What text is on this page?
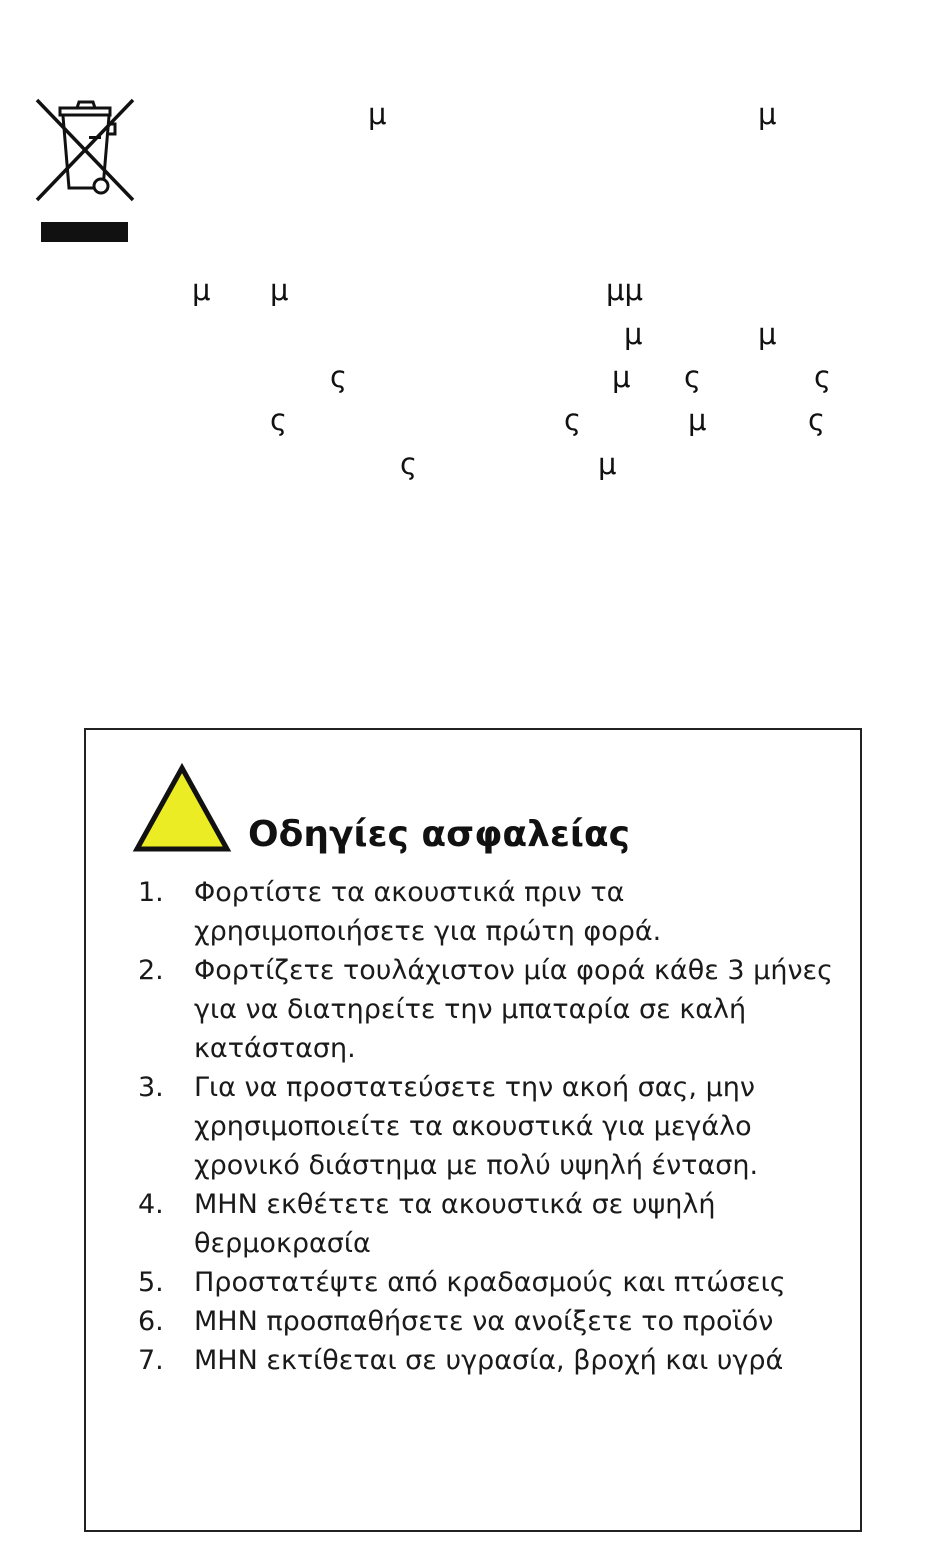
μ	μ
μ μ	μμ
μ	μ
ς	μ ς	ς
ς	ς	μ	ς
ς	μ
Οδηγίες ασφαλείας
1.	Φορτίστε τα ακουστικά πριν τα χρησιμοποιήσετε για πρώτη φορά.
2.	Φορτίζετε τουλάχιστον μία φορά κάθε 3 μήνες για να διατηρείτε την μπαταρία σε καλή κατάσταση.
3.	Για να προστατεύσετε την ακοή σας, μην χρησιμοποιείτε τα ακουστικά για μεγάλο χρονικό διάστημα με πολύ υψηλή ένταση.
4.	ΜΗΝ εκθέτετε τα ακουστικά σε υψηλή θερμοκρασία
5.	Προστατέψτε από κραδασμούς και πτώσεις
6.	ΜΗΝ προσπαθήσετε να ανοίξετε το προϊόν
7.	ΜΗΝ εκτίθεται σε υγρασία, βροχή και υγρά
